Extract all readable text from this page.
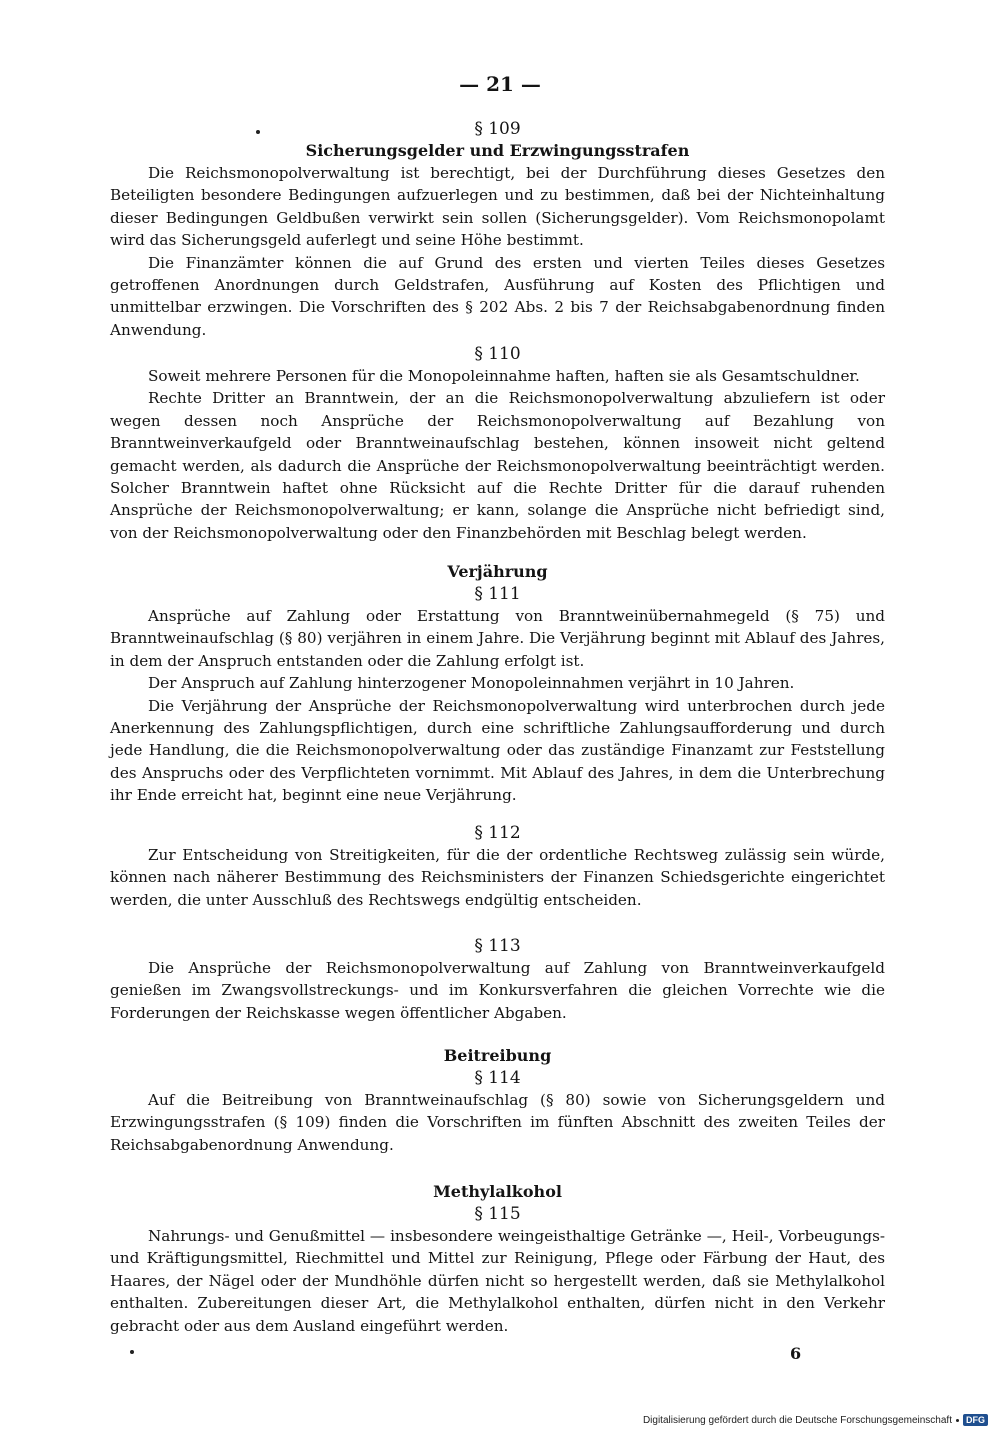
— 21 —
§ 109
Sicherungsgelder und Erzwingungsstrafen

Die Reichsmonopolverwaltung ist berechtigt, bei der Durchführung dieses Gesetzes den Beteiligten besondere Bedingungen aufzuerlegen und zu bestimmen, daß bei der Nichteinhaltung dieser Bedingungen Geldbußen verwirkt sein sollen (Sicherungsgelder). Vom Reichsmonopolamt wird das Sicherungsgeld auferlegt und seine Höhe bestimmt.

Die Finanzämter können die auf Grund des ersten und vierten Teiles dieses Gesetzes getroffenen Anordnungen durch Geldstrafen, Ausführung auf Kosten des Pflichtigen und unmittelbar erzwingen. Die Vorschriften des § 202 Abs. 2 bis 7 der Reichsabgabenordnung finden Anwendung.

§ 110

Soweit mehrere Personen für die Monopoleinnahme haften, haften sie als Gesamtschuldner.

Rechte Dritter an Branntwein, der an die Reichsmonopolverwaltung abzuliefern ist oder wegen dessen noch Ansprüche der Reichsmonopolverwaltung auf Bezahlung von Branntweinverkaufgeld oder Branntweinaufschlag bestehen, können insoweit nicht geltend gemacht werden, als dadurch die Ansprüche der Reichsmonopolverwaltung beeinträchtigt werden. Solcher Branntwein haftet ohne Rücksicht auf die Rechte Dritter für die darauf ruhenden Ansprüche der Reichsmonopolverwaltung; er kann, solange die Ansprüche nicht befriedigt sind, von der Reichsmonopolverwaltung oder den Finanzbehörden mit Beschlag belegt werden.

Verjährung
§ 111

Ansprüche auf Zahlung oder Erstattung von Branntweinübernahmegeld (§ 75) und Branntweinaufschlag (§ 80) verjähren in einem Jahre. Die Verjährung beginnt mit Ablauf des Jahres, in dem der Anspruch entstanden oder die Zahlung erfolgt ist.

Der Anspruch auf Zahlung hinterzogener Monopoleinnahmen verjährt in 10 Jahren.

Die Verjährung der Ansprüche der Reichsmonopolverwaltung wird unterbrochen durch jede Anerkennung des Zahlungspflichtigen, durch eine schriftliche Zahlungsaufforderung und durch jede Handlung, die die Reichsmonopolverwaltung oder das zuständige Finanzamt zur Feststellung des Anspruchs oder des Verpflichteten vornimmt. Mit Ablauf des Jahres, in dem die Unterbrechung ihr Ende erreicht hat, beginnt eine neue Verjährung.

§ 112

Zur Entscheidung von Streitigkeiten, für die der ordentliche Rechtsweg zulässig sein würde, können nach näherer Bestimmung des Reichsministers der Finanzen Schiedsgerichte eingerichtet werden, die unter Ausschluß des Rechtswegs endgültig entscheiden.

§ 113

Die Ansprüche der Reichsmonopolverwaltung auf Zahlung von Branntweinverkaufgeld genießen im Zwangsvollstreckungs- und im Konkursverfahren die gleichen Vorrechte wie die Forderungen der Reichskasse wegen öffentlicher Abgaben.

Beitreibung
§ 114

Auf die Beitreibung von Branntweinaufschlag (§ 80) sowie von Sicherungsgeldern und Erzwingungsstrafen (§ 109) finden die Vorschriften im fünften Abschnitt des zweiten Teiles der Reichsabgabenordnung Anwendung.

Methylalkohol
§ 115

Nahrungs- und Genußmittel — insbesondere weingeisthaltige Getränke —, Heil-, Vorbeugungs- und Kräftigungsmittel, Riechmittel und Mittel zur Reinigung, Pflege oder Färbung der Haut, des Haares, der Nägel oder der Mundhöhle dürfen nicht so hergestellt werden, daß sie Methylalkohol enthalten. Zubereitungen dieser Art, die Methylalkohol enthalten, dürfen nicht in den Verkehr gebracht oder aus dem Ausland eingeführt werden.

6
Digitalisierung gefördert durch die Deutsche Forschungsgemeinschaft	DFG
